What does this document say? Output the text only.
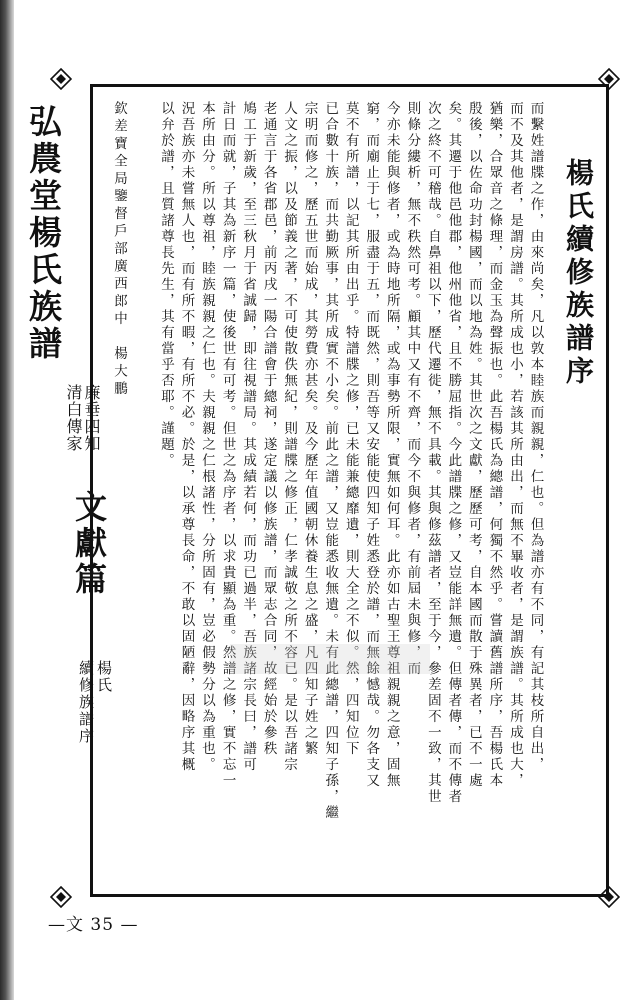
弘農堂楊氏族譜
廉垂四知
清白傳家
文獻篇
楊氏
續修族譜序
楊氏續修族譜序
而繫姓譜牒之作，由來尚矣，凡以敦本睦族而親親，仁也。但為譜亦有不同，有記其枝所自出，
而不及其他者，是謂房譜。其所成也小，若該其所由出，而無不畢收者，是謂族譜。其所成也大，
猶樂，合眾音之條理，而金玉為聲振也。此吾楊氏為總譜，何獨不然乎。嘗讀舊譜所序，吾楊氏本
殷後，以佐命功封楊國，而以地為姓。其世次之文獻，歷歷可考，自本國而散于殊異者，已不一處
矣。其遷于他邑他郡，他州他省，且不勝屈指。今此譜牒之修，又豈能詳無遺。但傳者傳，而不傳者
次之終不可稽哉。自鼻祖以下，歷代遷徙，無不具載。其與修茲譜者，至于今，參差固不一致，其世
則條分縷析，無不秩然可考。顧其中又有不齊，而今不與修者，有前屆未與修，而
今亦未能與修者，或為時地所隔，或為事勢所限，實無如何耳。此亦如古聖王尊祖親親之意，固無
窮，而廟止于七，服盡于五，而既然，則吾等又安能使四知子姓悉登於譜，而無餘憾哉。勿各支又
莫不有所譜，以記其所由出乎。特譜牒之修，已未能兼總靡遺，則大全之不似。然，四知位下
已合數十族，而共勤厥事，其所成實不小矣。前此之譜，又豈能悉收無遺。未有此總譜，四知子孫，繼
宗明而修之，歷五世而始成，其勞費亦甚矣。及今歷年值國朝休養生息之盛，凡四知子姓之繁
人文之振，以及節義之著，不可使散佚無紀，則譜牒之修正，仁孝誠敬之所不容已。是以吾諸宗
老通言于各省郡邑，前丙戌一陽合譜會于總祠，遂定議以修族譜，而眾志合同，故經始於參秩
鳩工于新歲，至三秋月于省誠歸，即往視譜局。其成績若何，而功已過半，吾族諸宗長曰，譜可
計日而就，子其為新序一篇，使後世有可考。但世之為序者，以求貴顯為重。然譜之修，實不忘一
本所由分。所以尊祖，睦族親親之仁也。夫親親之仁根諸性，分所固有，豈必假勢分以為重也。
況吾族亦未嘗無人也，而有所不暇，有所不必。於是，以承尊長命，不敢以固陋辭，因略序其概
以弁於譜，且質諸尊長先生，其有當乎否耶。謹題。
欽差寶全局鑒督戶部廣西郎中　楊大鵬
—文 35 —
